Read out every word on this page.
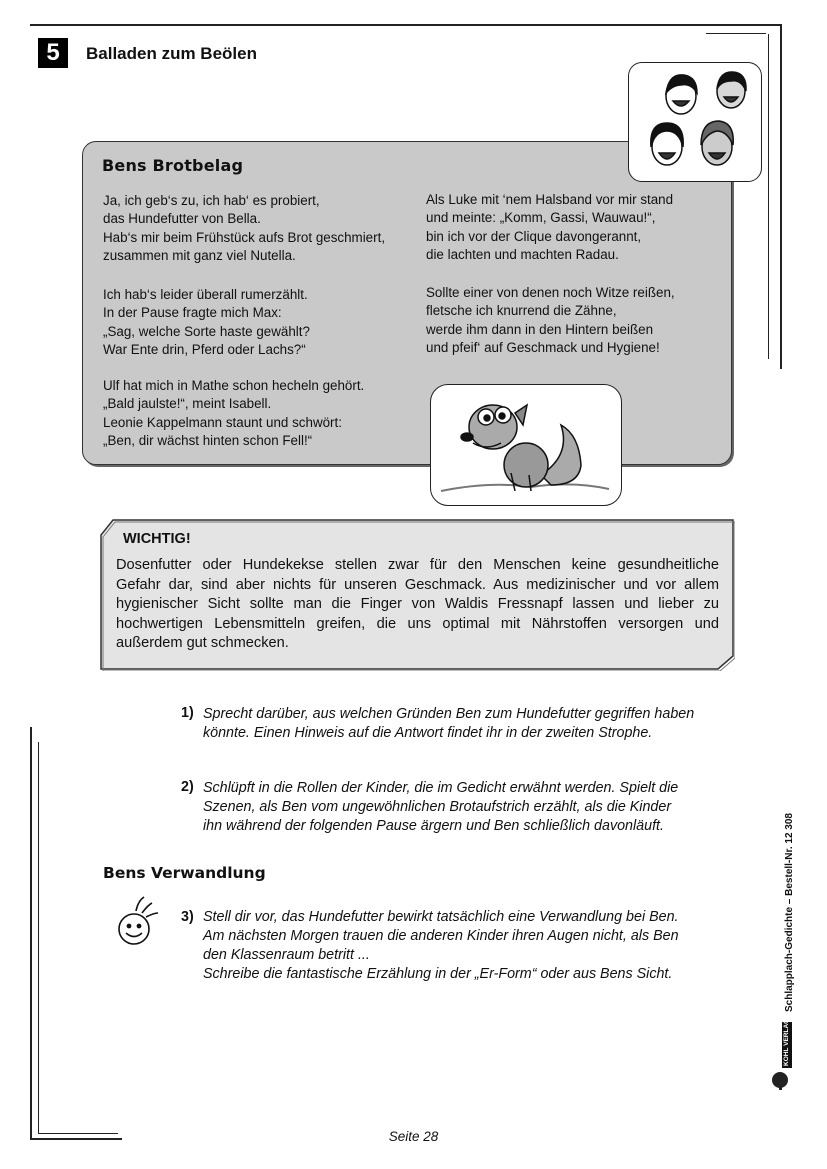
5	Balladen zum Beölen
Bens Brotbelag
Ja, ich geb‘s zu, ich hab‘ es probiert,
das Hundefutter von Bella.
Hab‘s mir beim Frühstück aufs Brot geschmiert,
zusammen mit ganz viel Nutella.
Ich hab‘s leider überall rumerzählt.
In der Pause fragte mich Max:
„Sag, welche Sorte haste gewählt?
War Ente drin, Pferd oder Lachs?“
Ulf hat mich in Mathe schon hecheln gehört.
„Bald jaulste!“, meint Isabell.
Leonie Kappelmann staunt und schwört:
„Ben, dir wächst hinten schon Fell!“
Als Luke mit ‘nem Halsband vor mir stand
und meinte: „Komm, Gassi, Wauwau!“,
bin ich vor der Clique davongerannt,
die lachten und machten Radau.
Sollte einer von denen noch Witze reißen,
fletsche ich knurrend die Zähne,
werde ihm dann in den Hintern beißen
und pfeif‘ auf Geschmack und Hygiene!
WICHTIG!
Dosenfutter oder Hundekekse stellen zwar für den Menschen keine gesundheitliche
Gefahr dar, sind aber nichts für unseren Geschmack. Aus medizinischer und vor allem
hygienischer Sicht sollte man die Finger von Waldis Fressnapf lassen und lieber zu
hochwertigen Lebensmitteln greifen, die uns optimal mit Nährstoffen versorgen und
außerdem gut schmecken.
1) Sprecht darüber, aus welchen Gründen Ben zum Hundefutter gegriffen haben
könnte. Einen Hinweis auf die Antwort findet ihr in der zweiten Strophe.
2) Schlüpft in die Rollen der Kinder, die im Gedicht erwähnt werden. Spielt die
Szenen, als Ben vom ungewöhnlichen Brotaufstrich erzählt, als die Kinder
ihn während der folgenden Pause ärgern und Ben schließlich davonläuft.
Bens Verwandlung
3) Stell dir vor, das Hundefutter bewirkt tatsächlich eine Verwandlung bei Ben.
Am nächsten Morgen trauen die anderen Kinder ihren Augen nicht, als Ben
den Klassenraum betritt ...
Schreibe die fantastische Erzählung in der „Er-Form“ oder aus Bens Sicht.	Schlapplach-Gedichte – Bestell-Nr. 12 308
KOHL VERLAG
Seite 28
